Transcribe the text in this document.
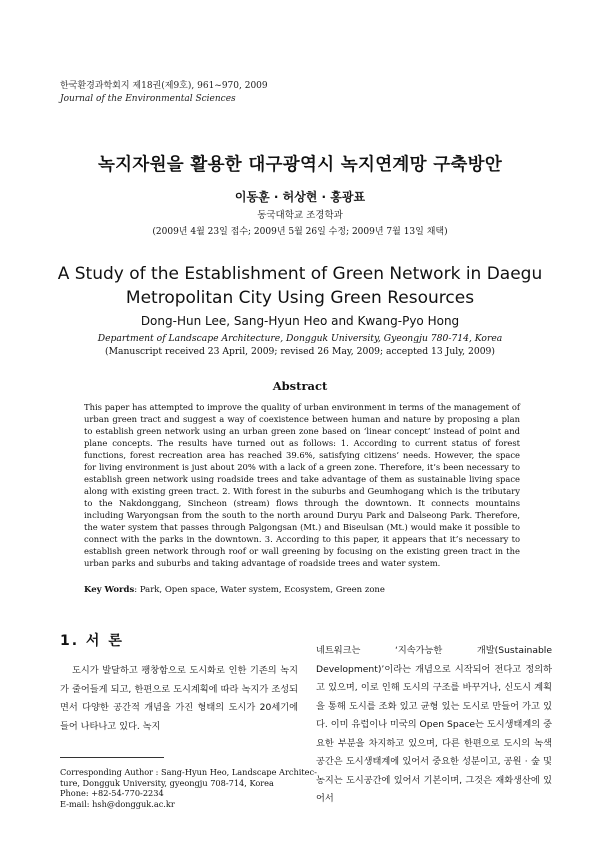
한국환경과학회지 제18권(제9호), 961~970, 2009
Journal of the Environmental Sciences
녹지자원을 활용한 대구광역시 녹지연계망 구축방안
이동훈 · 허상현 · 홍광표
동국대학교 조경학과
(2009년 4월 23일 접수; 2009년 5월 26일 수정; 2009년 7월 13일 채택)
A Study of the Establishment of Green Network in Daegu Metropolitan City Using Green Resources
Dong-Hun Lee, Sang-Hyun Heo and Kwang-Pyo Hong
Department of Landscape Architecture, Dongguk University, Gyeongju 780-714, Korea
(Manuscript received 23 April, 2009; revised 26 May, 2009; accepted 13 July, 2009)
Abstract
This paper has attempted to improve the quality of urban environment in terms of the management of urban green tract and suggest a way of coexistence between human and nature by proposing a plan to establish green network using an urban green zone based on ‘linear concept’ instead of point and plane concepts. The results have turned out as follows: 1. According to current status of forest functions, forest recreation area has reached 39.6%, satisfying citizens’ needs. However, the space for living environment is just about 20% with a lack of a green zone. Therefore, it’s been necessary to establish green network using roadside trees and take advantage of them as sustainable living space along with existing green tract. 2. With forest in the suburbs and Geumhogang which is the tributary to the Nakdonggang, Sincheon (stream) flows through the downtown. It connects mountains including Waryongsan from the south to the north around Duryu Park and Dalseong Park. Therefore, the water system that passes through Palgongsan (Mt.) and Biseulsan (Mt.) would make it possible to connect with the parks in the downtown. 3. According to this paper, it appears that it’s necessary to establish green network through roof or wall greening by focusing on the existing green tract in the urban parks and suburbs and taking advantage of roadside trees and water system.
Key Words: Park, Open space, Water system, Ecosystem, Green zone
1. 서 론

도시가 발달하고 팽창함으로 도시화로 인한 기존의 녹지가 줄어들게 되고, 한편으로 도시계획에 따라 녹지가 조성되면서 다양한 공간적 개념을 가진 형태의 도시가 20세기에 들어 나타나고 있다. 녹지

Corresponding Author : Sang-Hyun Heo, Landscape Architec-
ture, Dongguk University, gyeongju 708-714, Korea
Phone: +82-54-770-2234
E-mail: hsh@dongguk.ac.kr
네트워크는 ‘지속가능한 개발(Sustainable Development)’이라는 개념으로 시작되어 전다고 정의하고 있으며, 이로 인해 도시의 구조를 바꾸거나, 신도시 계획을 통해 도시를 조화 있고 균형 있는 도시로 만들어 가고 있다. 이미 유럽이나 미국의 Open Space는 도시생태계의 중요한 부분을 차지하고 있으며, 다른 한편으로 도시의 녹색공간은 도시생태계에 있어서 중요한 성분이고, 공원 · 숲 및 농지는 도시공간에 있어서 기본이며, 그것은 재화생산에 있어서
